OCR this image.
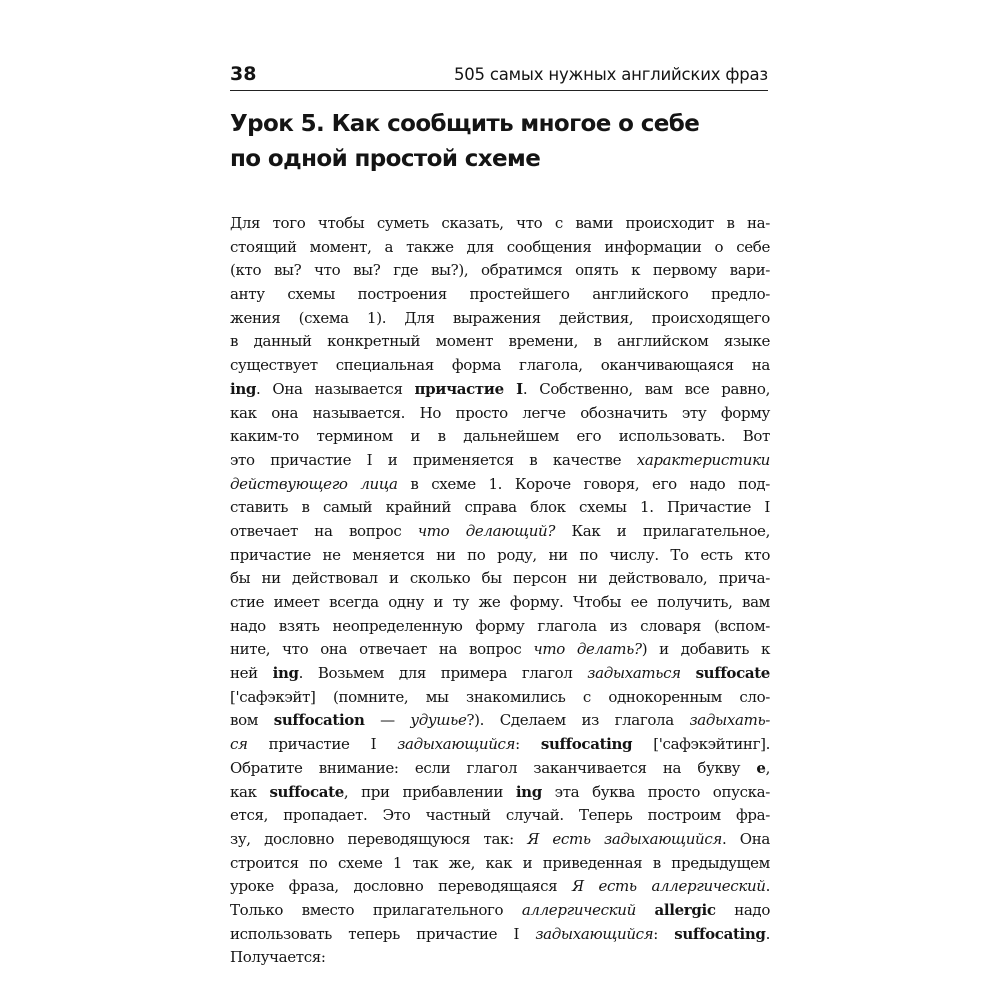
38	505 самых нужных английских фраз
Урок 5. Как сообщить многое о себе
по одной простой схеме
Для того чтобы суметь сказать, что с вами происходит в на-
стоящий момент, а также для сообщения информации о себе
(кто вы? что вы? где вы?), обратимся опять к первому вари-
анту схемы построения простейшего английского предло-
жения (схема 1). Для выражения действия, происходящего
в данный конкретный момент времени, в английском языке
существует специальная форма глагола, оканчивающаяся на
ing. Она называется причастие I. Собственно, вам все равно,
как она называется. Но просто легче обозначить эту форму
каким-то термином и в дальнейшем его использовать. Вот
это причастие I и применяется в качестве характеристики
действующего лица в схеме 1. Короче говоря, его надо под-
ставить в самый крайний справа блок схемы 1. Причастие I
отвечает на вопрос что делающий? Как и прилагательное,
причастие не меняется ни по роду, ни по числу. То есть кто
бы ни действовал и сколько бы персон ни действовало, прича-
стие имеет всегда одну и ту же форму. Чтобы ее получить, вам
надо взять неопределенную форму глагола из словаря (вспом-
ните, что она отвечает на вопрос что делать?) и добавить к
ней ing. Возьмем для примера глагол задыхаться suffocate
['сафэкэйт] (помните, мы знакомились с однокоренным сло-
вом suffocation — удушье?). Сделаем из глагола задыхать-
ся причастие I задыхающийся: suffocating ['сафэкэйтинг].
Обратите внимание: если глагол заканчивается на букву e,
как suffocate, при прибавлении ing эта буква просто опуска-
ется, пропадает. Это частный случай. Теперь построим фра-
зу, дословно переводящуюся так: Я есть задыхающийся. Она
строится по схеме 1 так же, как и приведенная в предыдущем
уроке фраза, дословно переводящаяся Я есть аллергический.
Только вместо прилагательного аллергический allergic надо
использовать теперь причастие I задыхающийся: suffocating.
Получается:
